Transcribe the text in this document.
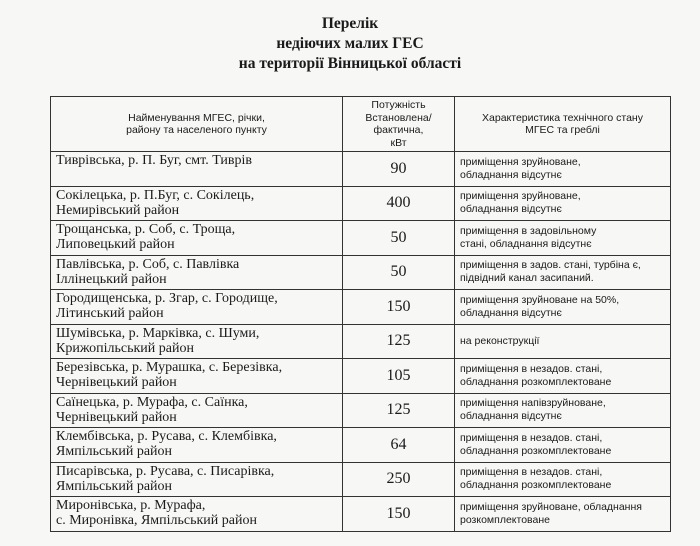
Перелік
недіючих малих ГЕС
на території Вінницької області
Найменування МГЕС, річки,
району та населеного пункту	Потужність
Встановлена/
фактична,
кВт	Характеристика технічного стану
МГЕС та греблі
Тиврівська, р. П. Буг, смт. Тиврів	90	приміщення зруйноване,
обладнання відсутнє
Сокілецька, р. П.Буг, с. Сокілець,
Немирівський район	400	приміщення зруйноване,
обладнання відсутнє
Трощанська, р. Соб, с. Троща,
Липовецький район	50	приміщення в задовільному
стані, обладнання відсутнє
Павлівська, р. Соб, с. Павлівка
Іллінецький район	50	приміщення в задов. стані, турбіна є,
підвідний канал засипаний.
Городищенська, р. Згар, с. Городище,
Літинський район	150	приміщення зруйноване на 50%,
обладнання відсутнє
Шумівська, р. Марківка, с. Шуми,
Крижопільський район	125	на реконструкції
Березівська, р. Мурашка, с. Березівка,
Чернівецький район	105	приміщення в незадов. стані,
обладнання розкомплектоване
Саїнецька, р. Мурафа, с. Саїнка,
Чернівецький район	125	приміщення напівзруйноване,
обладнання відсутнє
Клембівська, р. Русава, с. Клембівка,
Ямпільський район	64	приміщення в незадов. стані,
обладнання розкомплектоване
Писарівська, р. Русава, с. Писарівка,
Ямпільський район	250	приміщення в незадов. стані,
обладнання розкомплектоване
Миронівська, р. Мурафа,
с. Миронівка, Ямпільський район	150	приміщення зруйноване, обладнання
розкомплектоване
